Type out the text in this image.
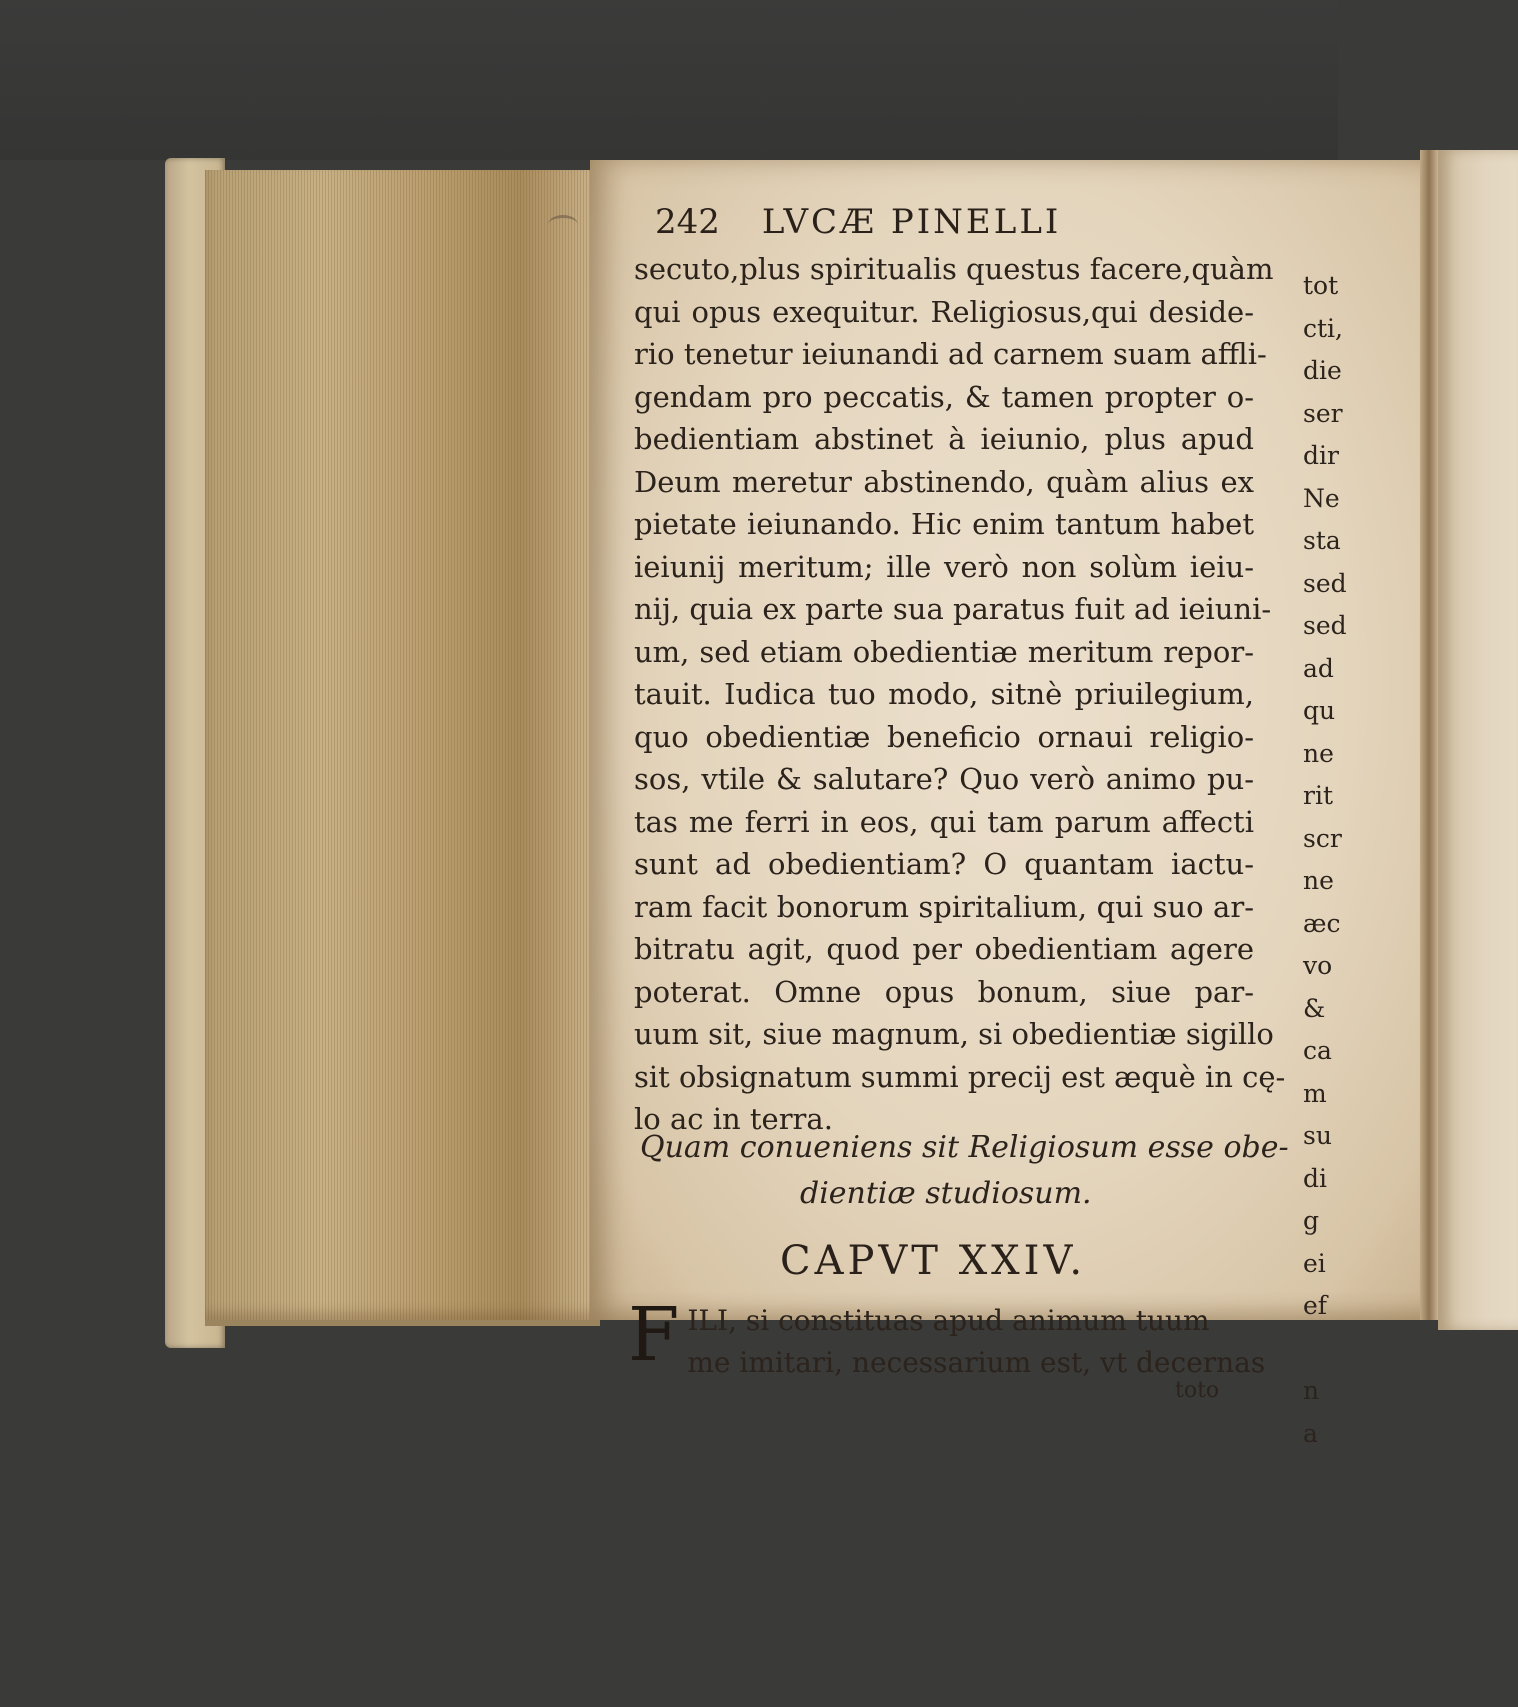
242 LVCÆ PINELLI
secuto,plus spiritualis questus facere,quàm
qui opus exequitur. Religiosus,qui deside-
rio tenetur ieiunandi ad carnem suam affli-
gendam pro peccatis, & tamen propter o-
bedientiam abstinet à ieiunio, plus apud
Deum meretur abstinendo, quàm alius ex
pietate ieiunando. Hic enim tantum habet
ieiunij meritum; ille verò non solùm ieiu-
nij, quia ex parte sua paratus fuit ad ieiuni-
um, sed etiam obedientiæ meritum repor-
tauit. Iudica tuo modo, sitnè priuilegium,
quo obedientiæ beneficio ornaui religio-
sos, vtile & salutare? Quo verò animo pu-
tas me ferri in eos, qui tam parum affecti
sunt ad obedientiam? O quantam iactu-
ram facit bonorum spiritalium, qui suo ar-
bitratu agit, quod per obedientiam agere
poterat. Omne opus bonum, siue par-
uum sit, siue magnum, si obedientiæ sigillo
sit obsignatum summi precij est æquè in cę-
lo ac in terra.
Quam conueniens sit Religiosum esse obe-
dientiæ studiosum.
CAPVT XXIV.
F ILI, si constituas apud animum tuum
me imitari, necessarium est, vt decernas
toto
tot
cti,
die
ser
dir
Ne
sta
sed
sed
ad
qu
ne
rit
scr
ne
æc
vo
&
ca
m
su
di
g
ei
ef

n
a
